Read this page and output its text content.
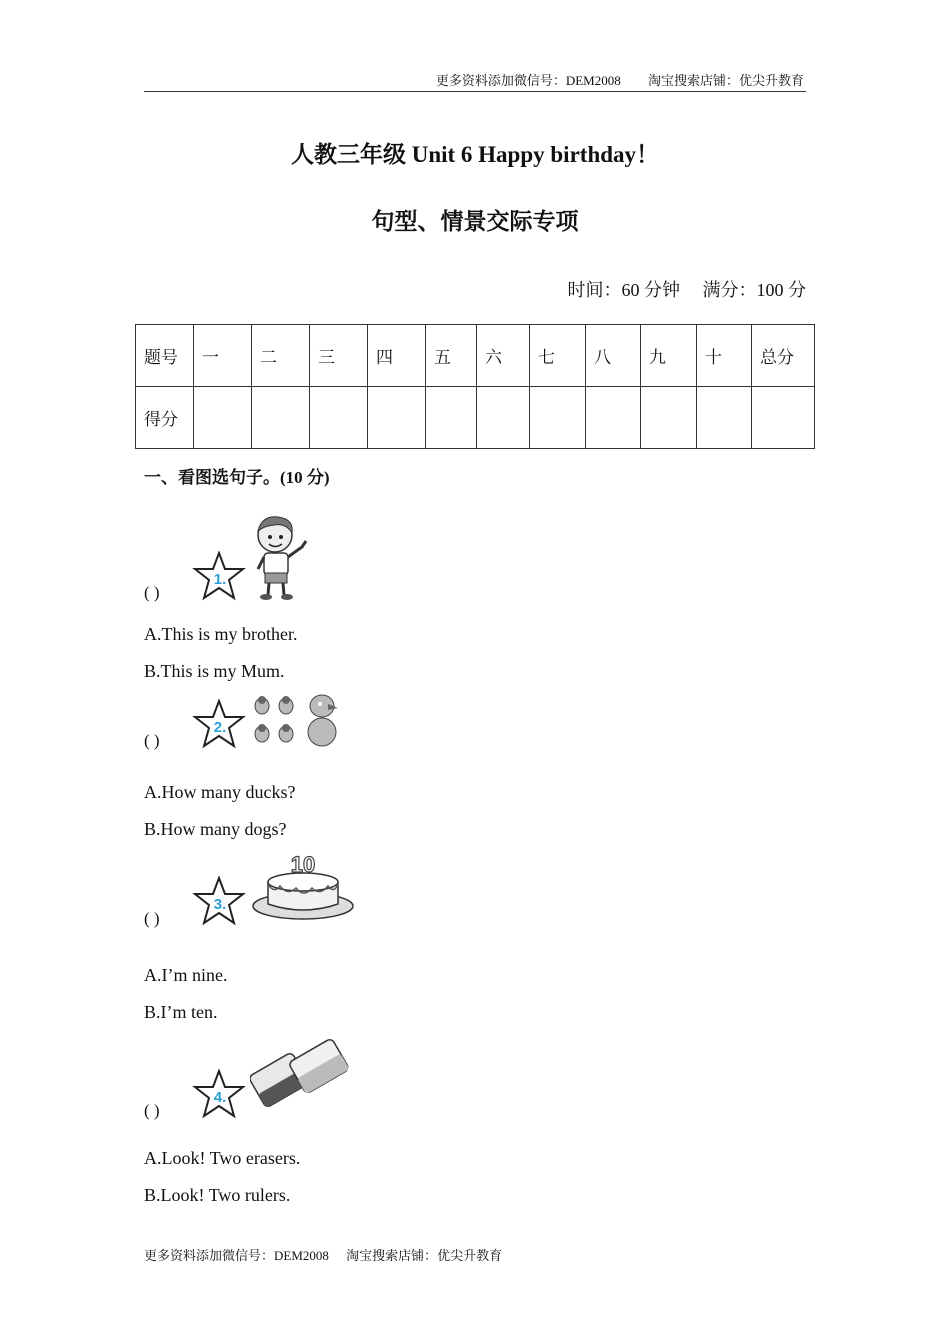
更多资料添加微信号：DEM2008 淘宝搜索店铺：优尖升教育
人教三年级 Unit 6 Happy birthday！
句型、情景交际专项
时间：60 分钟 满分：100 分
题号	一	二	三	四	五	六	七	八	九	十	总分
得分											
一、看图选句子。(10 分)
( )
1.
A.This is my brother.
B.This is my Mum.
( )
2.
A.How many ducks?
B.How many dogs?
( )
3.
10
A.I’m nine.
B.I’m ten.
( )
4.
A.Look! Two erasers.
B.Look! Two rulers.
更多资料添加微信号：DEM2008 淘宝搜索店铺：优尖升教育
